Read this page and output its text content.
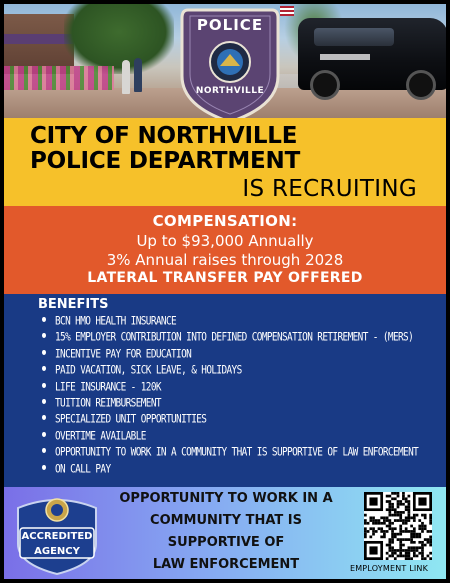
POLICE
NORTHVILLE
CITY OF NORTHVILLE
POLICE DEPARTMENT
IS RECRUITING
COMPENSATION:
Up to $93,000 Annually
3% Annual raises through 2028
LATERAL TRANSFER PAY OFFERED
BENEFITS
BCN HMO HEALTH INSURANCE
15% EMPLOYER CONTRIBUTION INTO DEFINED COMPENSATION RETIREMENT - (MERS)
INCENTIVE PAY FOR EDUCATION
PAID VACATION, SICK LEAVE, & HOLIDAYS
LIFE INSURANCE - 120K
TUITION REIMBURSEMENT
SPECIALIZED UNIT OPPORTUNITIES
OVERTIME AVAILABLE
OPPORTUNITY TO WORK IN A COMMUNITY THAT IS SUPPORTIVE OF LAW ENFORCEMENT
ON CALL PAY
ACCREDITED
AGENCY

OPPORTUNITY TO WORK IN A
COMMUNITY THAT IS
SUPPORTIVE OF
LAW ENFORCEMENT	EMPLOYMENT LINK
